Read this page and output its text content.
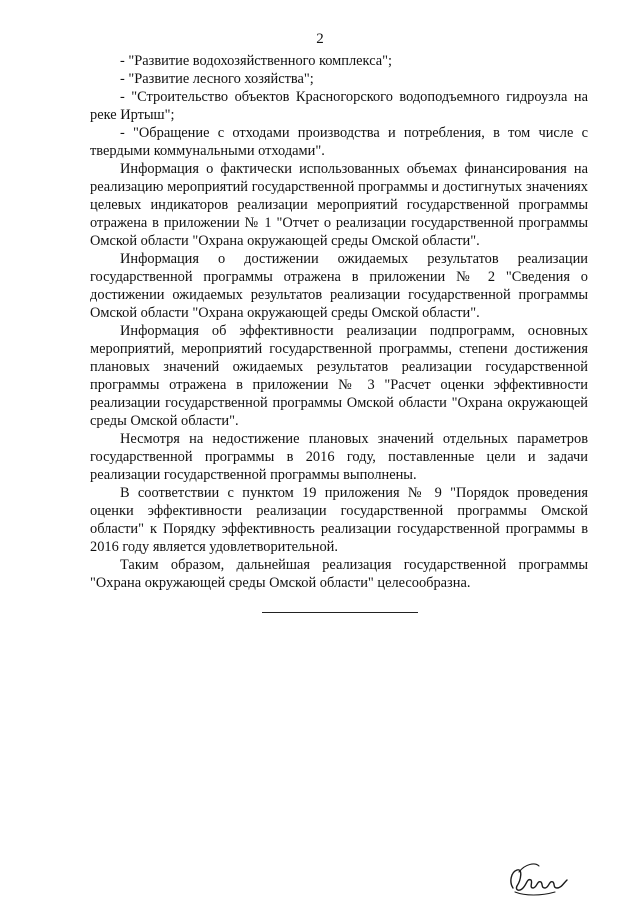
2

- "Развитие водохозяйственного комплекса";

- "Развитие лесного хозяйства";

- "Строительство объектов Красногорского водоподъемного гидроузла на реке Иртыш";

- "Обращение с отходами производства и потребления, в том числе с твердыми коммунальными отходами".

Информация о фактически использованных объемах финансирования на реализацию мероприятий государственной программы и достигнутых значениях целевых индикаторов реализации мероприятий государственной программы отражена в приложении № 1 "Отчет о реализации государственной программы Омской области "Охрана окружающей среды Омской области".

Информация о достижении ожидаемых результатов реализации государственной программы отражена в приложении № 2 "Сведения о достижении ожидаемых результатов реализации государственной программы Омской области "Охрана окружающей среды Омской области".

Информация об эффективности реализации подпрограмм, основных мероприятий, мероприятий государственной программы, степени достижения плановых значений ожидаемых результатов реализации государственной программы отражена в приложении № 3 "Расчет оценки эффективности реализации государственной программы Омской области "Охрана окружающей среды Омской области".

Несмотря на недостижение плановых значений отдельных параметров государственной программы в 2016 году, поставленные цели и задачи реализации государственной программы выполнены.

В соответствии с пунктом 19 приложения № 9 "Порядок проведения оценки эффективности реализации государственной программы Омской области" к Порядку эффективность реализации государственной программы в 2016 году является удовлетворительной.

Таким образом, дальнейшая реализация государственной программы "Охрана окружающей среды Омской области" целесообразна.
